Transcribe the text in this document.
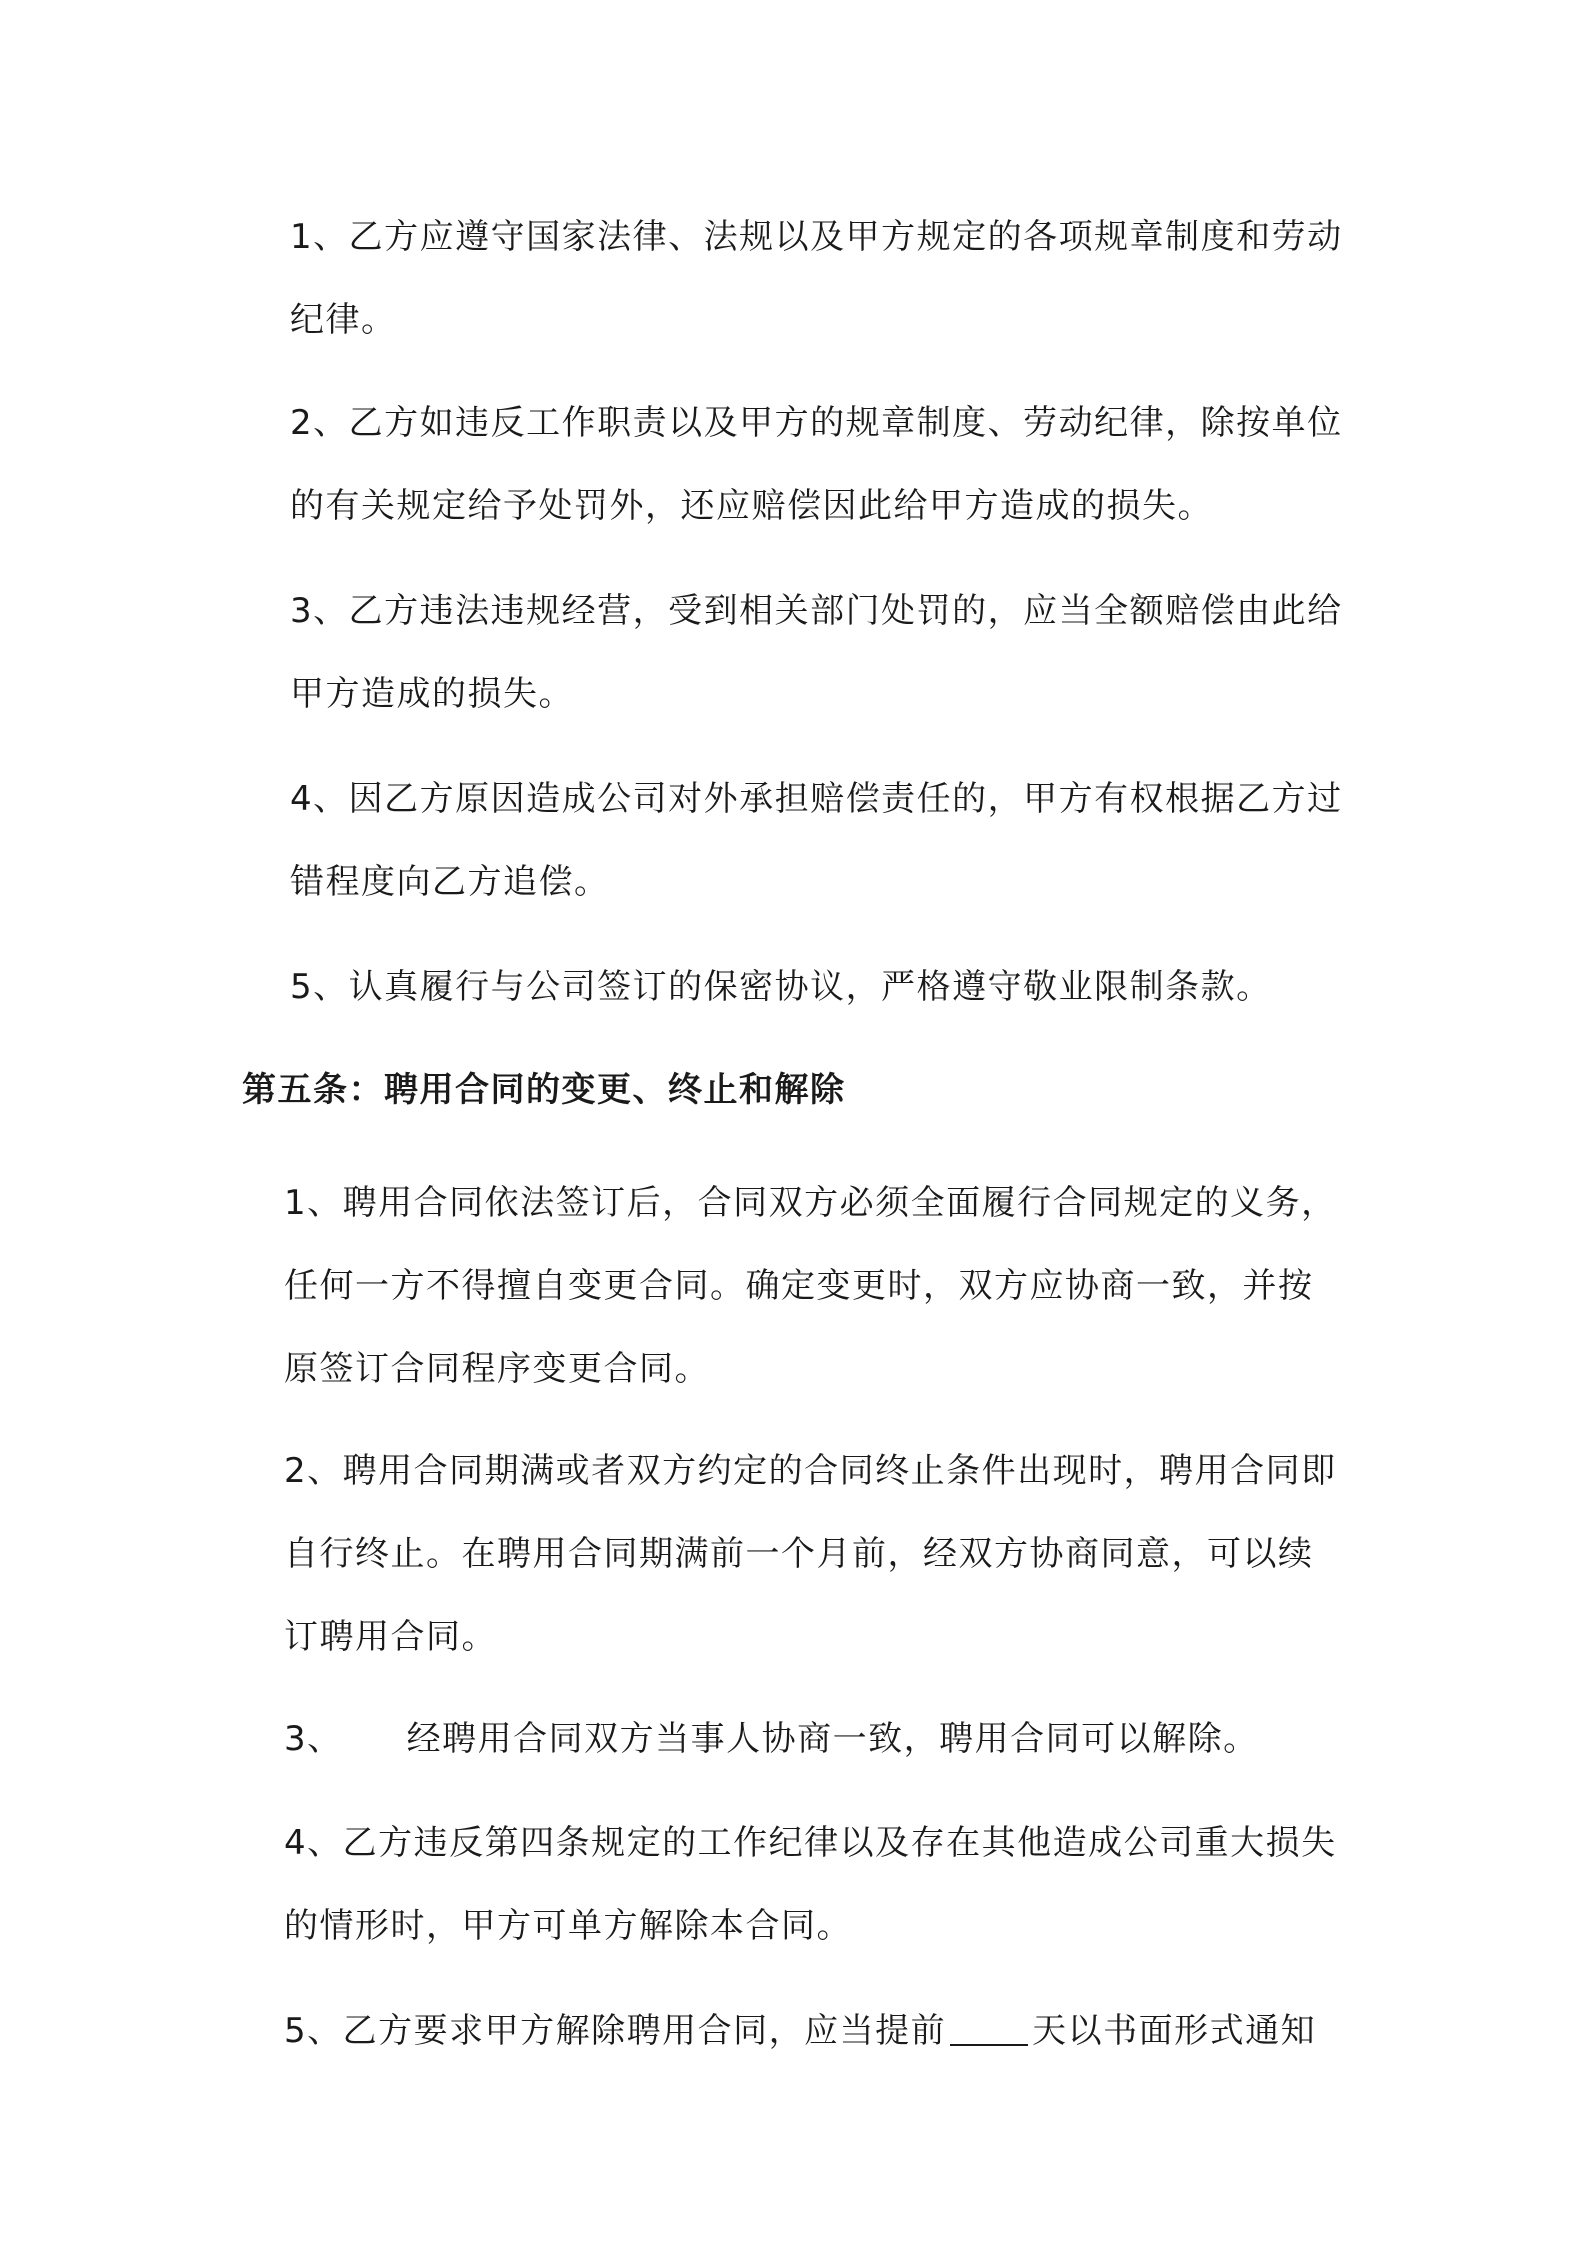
1、乙方应遵守国家法律、法规以及甲方规定的各项规章制度和劳动纪律。

2、乙方如违反工作职责以及甲方的规章制度、劳动纪律，除按单位的有关规定给予处罚外，还应赔偿因此给甲方造成的损失。

3、乙方违法违规经营，受到相关部门处罚的，应当全额赔偿由此给甲方造成的损失。

4、因乙方原因造成公司对外承担赔偿责任的，甲方有权根据乙方过错程度向乙方追偿。

5、认真履行与公司签订的保密协议，严格遵守敬业限制条款。

第五条：聘用合同的变更、终止和解除

1、聘用合同依法签订后，合同双方必须全面履行合同规定的义务，任何一方不得擅自变更合同。确定变更时，双方应协商一致，并按原签订合同程序变更合同。

2、聘用合同期满或者双方约定的合同终止条件出现时，聘用合同即自行终止。在聘用合同期满前一个月前，经双方协商同意，可以续订聘用合同。

3、 经聘用合同双方当事人协商一致，聘用合同可以解除。

4、乙方违反第四条规定的工作纪律以及存在其他造成公司重大损失的情形时，甲方可单方解除本合同。

5、乙方要求甲方解除聘用合同，应当提前	天以书面形式通知
